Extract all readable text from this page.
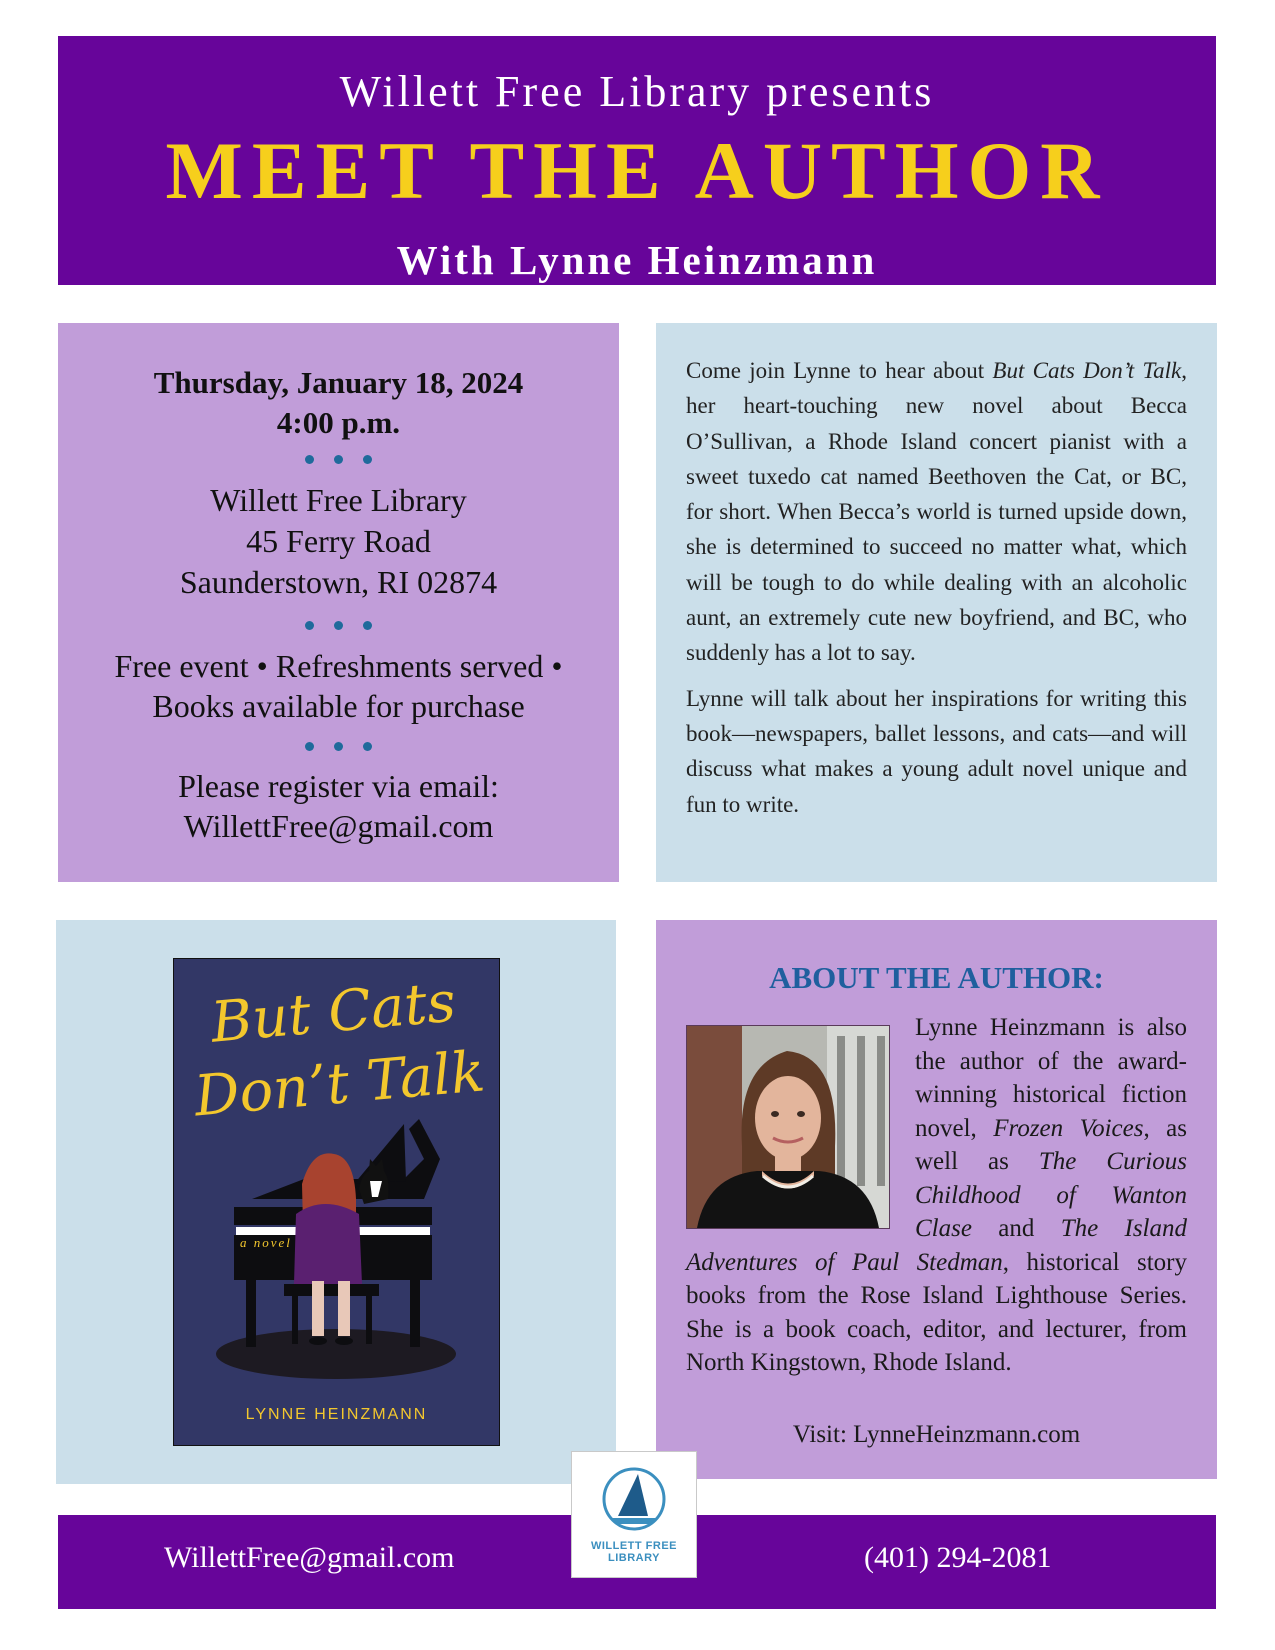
Willett Free Library presents
MEET THE AUTHOR
With Lynne Heinzmann
Thursday, January 18, 2024
4:00 p.m.
Willett Free Library
45 Ferry Road
Saunderstown, RI 02874
Free event • Refreshments served •
Books available for purchase
Please register via email:
WillettFree@gmail.com

Come join Lynne to hear about But Cats Don’t Talk, her heart-touching new novel about Becca O’Sullivan, a Rhode Island concert pianist with a sweet tuxedo cat named Beethoven the Cat, or BC, for short. When Becca’s world is turned upside down, she is determined to succeed no matter what, which will be tough to do while dealing with an alcoholic aunt, an extremely cute new boyfriend, and BC, who suddenly has a lot to say.

Lynne will talk about her inspirations for writing this book—newspapers, ballet lessons, and cats—and will discuss what makes a young adult novel unique and fun to write.

But Cats
Don’t Talk
a novel
LYNNE HEINZMANN
ABOUT THE AUTHOR:
Lynne Heinzmann is also the author of the award-winning historical fiction novel, Frozen Voices, as well as The Curious Childhood of Wanton Clase and The Island Adventures of Paul Stedman, historical story books from the Rose Island Lighthouse Series. She is a book coach, editor, and lecturer, from North Kingstown, Rhode Island.
Visit: LynneHeinzmann.com
WillettFree@gmail.com	(401) 294-2081
WILLETT FREE
LIBRARY
